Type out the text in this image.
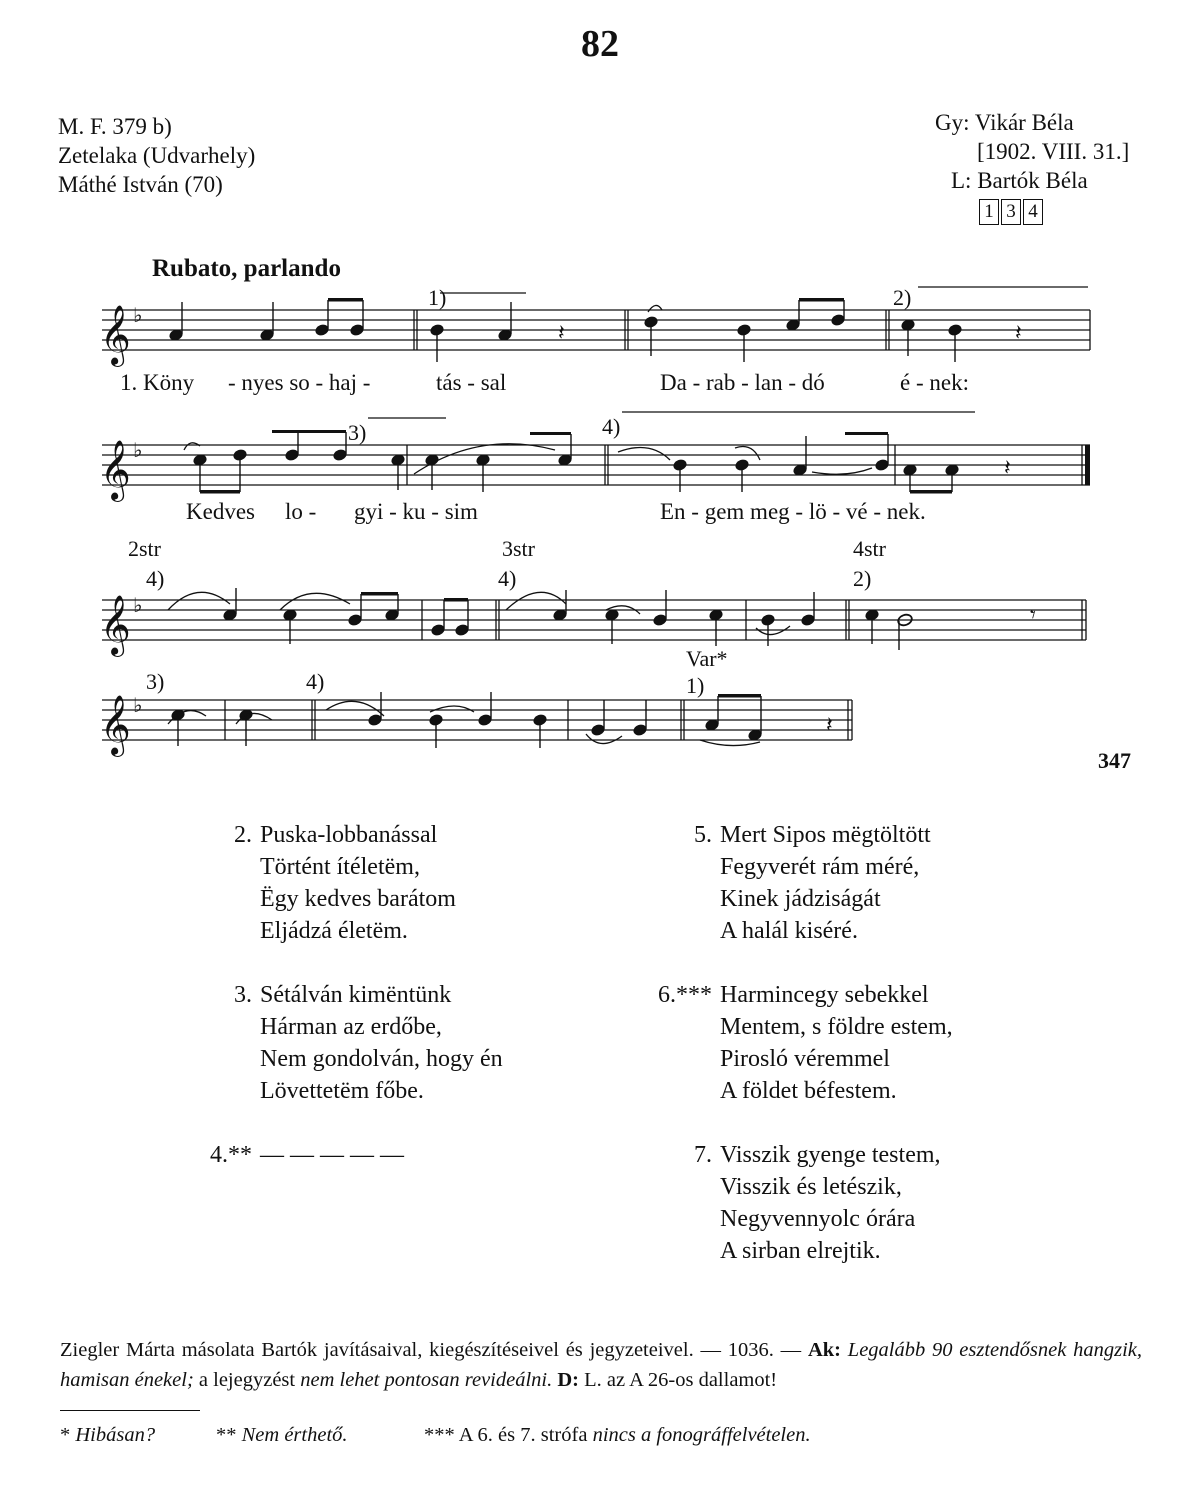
82
M. F. 379 b)
Zetelaka (Udvarhely)
Máthé István (70)
Gy: Vikár Béla
[1902. VIII. 31.]
L: Bartók Béla
1 3 4
Rubato, parlando
𝄞 ♭
𝄞 ♭
𝄞 ♭
𝄞 ♭
𝄽	𝄽
𝄽
𝄾
𝄽
1)	2)
3)	4)
4)	4)	2)
3)	4)	1)
Var*
2str	3str	4str
1. Köny - nyes so - haj -	tás - sal	Da - rab - lan - dó	é - nek:
Kedves lo - gyi - ku - sim	En - gem meg - lö - vé - nek.
347
2. Puska-lobbanással
Történt ítéletëm,
Ëgy kedves barátom
Eljádzá életëm.
3. Sétálván kimëntünk
Hárman az erdőbe,
Nem gondolván, hogy én
Lövettetëm főbe.
4.** — — — — —
5. Mert Sipos mëgtöltött
Fegyverét rám méré,
Kinek jádziságát
A halál kiséré.
6.*** Harmincegy sebekkel
Mentem, s földre estem,
Pirosló véremmel
A földet béfestem.
7. Visszik gyenge testem,
Visszik és letészik,
Negyvennyolc órára
A sirban elrejtik.
Ziegler Márta másolata Bartók javításaival, kiegészítéseivel és jegyzeteivel. — 1036. — Ak: Legalább 90 esztendősnek hangzik, hamisan énekel; a lejegyzést nem lehet pontosan revideálni. D: L. az A 26-os dallamot!
* Hibásan?	** Nem érthető.	*** A 6. és 7. strófa nincs a fonográffelvételen.
